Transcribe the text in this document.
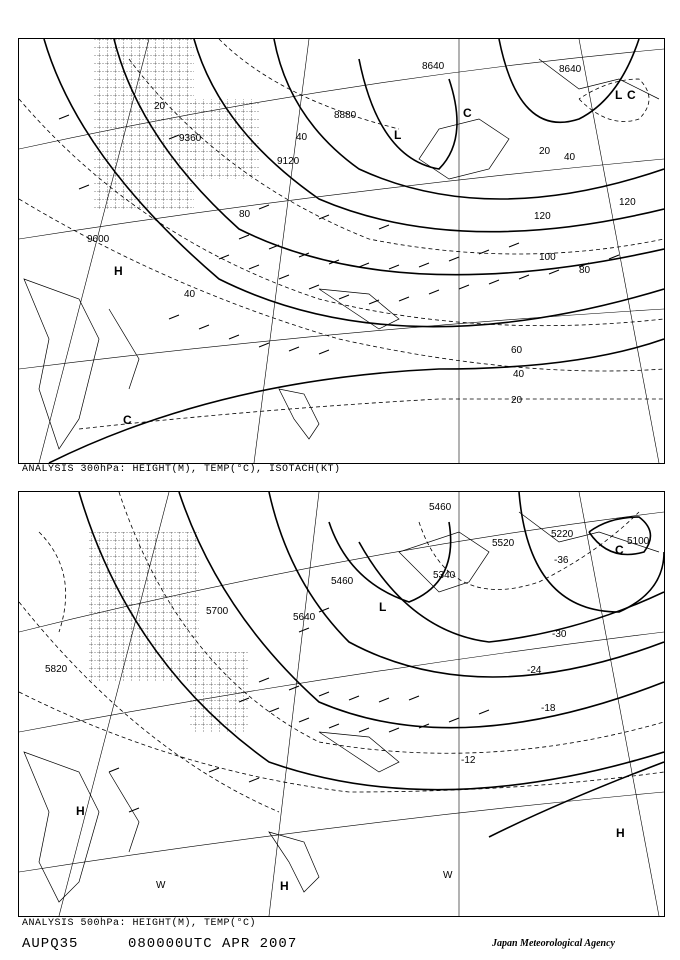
9360
9600
9120
8880
8640	8640
20
40
80	120
100
80
60
40
20
120
40
20
40
H
L
C
C
L C
ANALYSIS 300hPa: HEIGHT(M), TEMP(°C), ISOTACH(KT)
5700
5820
5460
5340
5220
5100
5460
5640
5520
-30
-24
-18
-12
-36
H
L
H
W
W
C
H
ANALYSIS 500hPa: HEIGHT(M), TEMP(°C)
AUPQ35	080000UTC APR 2007	Japan Meteorological Agency
